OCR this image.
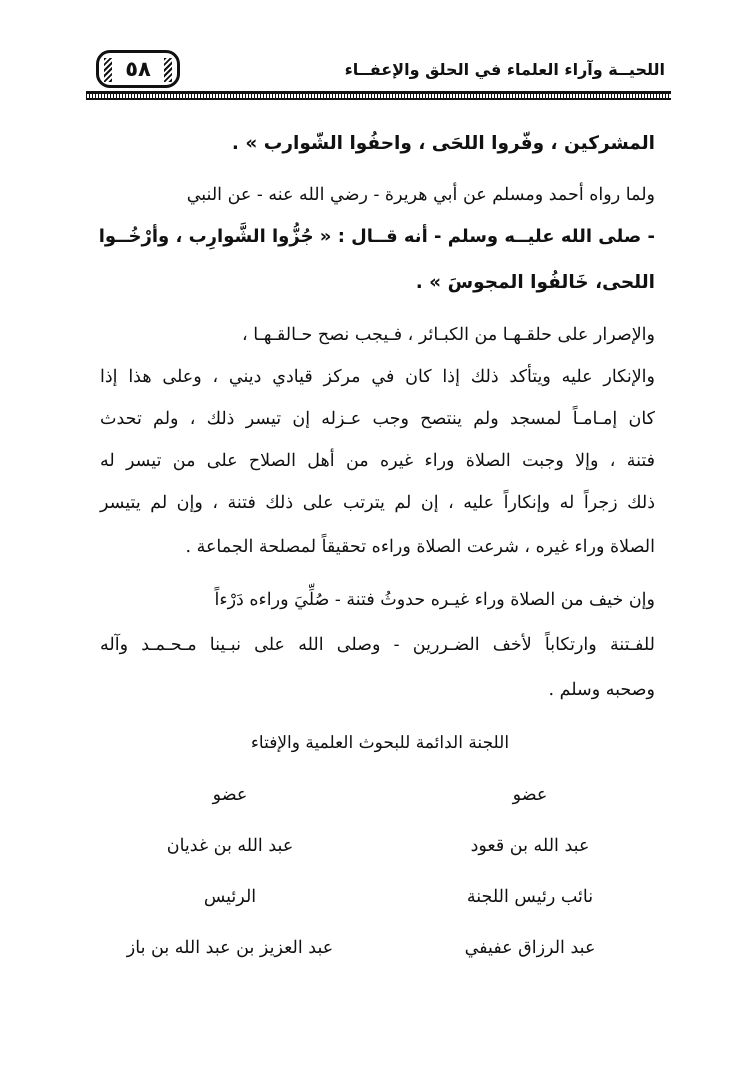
٥٨	اللحيــة وآراء العلماء في الحلق والإعفــاء
المشركين ، وفّروا اللحَى ، واحفُوا الشّوارب » .
ولما رواه أحمد ومسلم عن أبي هريرة - رضي الله عنه - عن النبي
- صلى الله عليــه وسلم - أنه قــال : « جُزُّوا الشَّوارِب ، وأرْخُــوا
اللحى، خَالفُوا المجوسَ » .
والإصرار على حلقـهـا من الكبـائر ، فـيجب نصح حـالقـهـا ،
والإنكار عليه ويتأكد ذلك إذا كان في مركز قيادي ديني ، وعلى هذا إذا
كان إمـامـاً لمسجد ولم ينتصح وجب عـزله إن تيسر ذلك ، ولم تحدث
فتنة ، وإلا وجبت الصلاة وراء غيره من أهل الصلاح على من تيسر له
ذلك زجراً له وإنكاراً عليه ، إن لم يترتب على ذلك فتنة ، وإن لم يتيسر
الصلاة وراء غيره ، شرعت الصلاة وراءه تحقيقاً لمصلحة الجماعة .
وإن خيف من الصلاة وراء غيـره حدوثُ فتنة - صُلِّيَ وراءه دَرْءاً
للفـتنة وارتكاباً لأخف الضـررين - وصلى الله على نبـينا مـحـمـد وآله
وصحبه وسلم .
اللجنة الدائمة للبحوث العلمية والإفتاء
عضو
عضو
عبد الله بن قعود
عبد الله بن غديان
نائب رئيس اللجنة
الرئيس
عبد الرزاق عفيفي
عبد العزيز بن عبد الله بن باز
